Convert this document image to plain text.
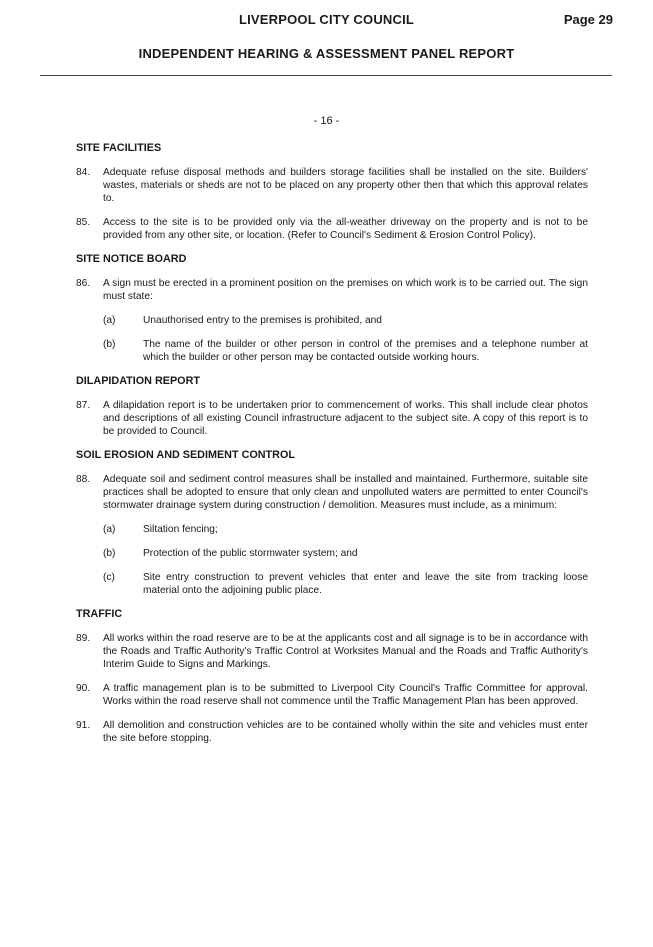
LIVERPOOL CITY COUNCIL	Page 29
INDEPENDENT HEARING & ASSESSMENT PANEL REPORT
- 16 -
SITE FACILITIES
84.	Adequate refuse disposal methods and builders storage facilities shall be installed on the site. Builders' wastes, materials or sheds are not to be placed on any property other then that which this approval relates to.
85.	Access to the site is to be provided only via the all-weather driveway on the property and is not to be provided from any other site, or location. (Refer to Council's Sediment & Erosion Control Policy).
SITE NOTICE BOARD
86.	A sign must be erected in a prominent position on the premises on which work is to be carried out. The sign must state:
(a)	Unauthorised entry to the premises is prohibited, and
(b)	The name of the builder or other person in control of the premises and a telephone number at which the builder or other person may be contacted outside working hours.
DILAPIDATION REPORT
87.	A dilapidation report is to be undertaken prior to commencement of works. This shall include clear photos and descriptions of all existing Council infrastructure adjacent to the subject site. A copy of this report is to be provided to Council.
SOIL EROSION AND SEDIMENT CONTROL
88.	Adequate soil and sediment control measures shall be installed and maintained. Furthermore, suitable site practices shall be adopted to ensure that only clean and unpolluted waters are permitted to enter Council's stormwater drainage system during construction / demolition. Measures must include, as a minimum:
(a)	Siltation fencing;
(b)	Protection of the public stormwater system; and
(c)	Site entry construction to prevent vehicles that enter and leave the site from tracking loose material onto the adjoining public place.
TRAFFIC
89.	All works within the road reserve are to be at the applicants cost and all signage is to be in accordance with the Roads and Traffic Authority's Traffic Control at Worksites Manual and the Roads and Traffic Authority's Interim Guide to Signs and Markings.
90.	A traffic management plan is to be submitted to Liverpool City Council's Traffic Committee for approval. Works within the road reserve shall not commence until the Traffic Management Plan has been approved.
91.	All demolition and construction vehicles are to be contained wholly within the site and vehicles must enter the site before stopping.
